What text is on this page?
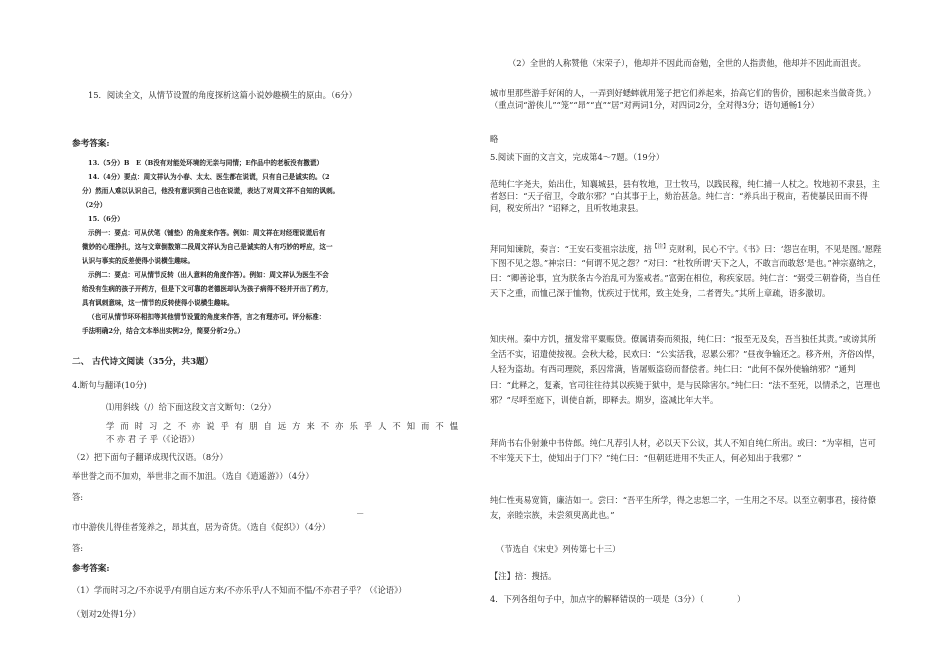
15．阅读全文，从情节设置的角度探析这篇小说妙趣横生的原由。（6分）

参考答案:

13.（5分）B　E（B没有对能处环境的无亲与同情；E作品中的老板没有撒谎）

14.（4分）要点：周文祥认为小春、太太、医生都在说谎，只有自己是诚实的。（2

分）然而人难以认识自己，他没有意识到自己也在说谎，表达了对周文祥不自知的讽刺。

（2分）

15.（6分）

示例一：要点：可从伏笔（铺垫）的角度来作答。例如：周文祥在对经理说谎后有

微妙的心理挣扎，这与文章倒数第二段周文祥认为自己是诚实的人有巧妙的呼应，这一

认识与事实的反差使得小说横生趣味。

示例二：要点：可从情节反转（出人意料的角度作答）。例如：周文祥认为医生不会

给没有生病的孩子开药方，但是下文可靠的老德医却认为孩子病得不轻并开出了药方，

具有讽刺意味，这一情节的反转使得小说横生趣味。

（也可从情节环环相扣等其他情节设置的角度来作答，言之有理亦可。评分标准：

手法明确2分，结合文本举出实例2分，简要分析2分。）

二、 古代诗文阅读（35分，共3题）

4.断句与翻译(10分)

⑴用斜线（/）给下面这段文言文断句：（2分）

学 而 时 习 之 不 亦 说 乎 有 朋 自 远 方 来 不 亦 乐 乎 人 不 知 而 不 愠

不 亦 君 子 乎（《论语》）

（2）把下面句子翻译成现代汉语。（8分）

举世誉之而不加劝，举世非之而不加沮。（选自《逍遥游》）（4分）

答:

－

市中游侠儿得佳者笼养之，昂其直，居为奇货。（选自《促织》）（4分）

答:

参考答案:

（1）学而时习之/不亦说乎/有朋自远方来/不亦乐乎/人不知而不愠/不亦君子乎？（《论语》）

（划对2处得1分）

（2）全世的人称赞他（宋荣子），他却并不因此而奋勉，全世的人指责他，他却并不因此而沮丧。

城市里那些游手好闲的人，一弄到好蟋蟀就用笼子把它们养起来，抬高它们的售价，囤积起来当做奇货。）（重点词“游侠儿”“笼”“昂”“直”“居”对两词1分，对四词2分，全对得3分；语句通畅1分）

略

5.阅读下面的文言文，完成第4～7题。（19分）

范纯仁字尧夫，始出仕，知襄城县，县有牧地，卫士牧马，以践民稼，纯仁捕一人杖之。牧地初不隶县，主者怒曰：“天子宿卫，令敢尔邪？”白其事于上，劾治甚急。纯仁言：“养兵出于税亩，若使暴民田而不得问，税安所出？”诏释之，且听牧地隶县。

拜同知谏院，奏言：“王安石变祖宗法度，掊$^{【注】}$克财利，民心不宁。《书》曰：‘怨岂在明，不见是图。’愿陛下图不见之怨。”神宗曰：“何谓不见之怨？”对曰：“杜牧所谓‘天下之人，不敢言而敢怒’是也。”神宗嘉纳之，曰：“卿善论事，宜为朕条古今治乱可为鉴戒者。”富弼在相位，称疾家居。纯仁言：“弼受三朝眷倚，当自任天下之重，而恤己深于恤物，忧疾过于忧邦，致主处身，二者胥失。”其所上章疏，语多激切。

知庆州。秦中方饥，擅发常平粟赈贷。僚属请奏而须报，纯仁曰：“报至无及矣，吾当独任其责。”或谤其所全活不实，诏遣使按视。会秋大稔，民欢曰：“公实活我，忍累公邪？”昼夜争输还之。移齐州，齐俗凶悍，人轻为盗劫。有西司理院，系囚常满，皆屠贩盗窃而督偿者。纯仁曰：“此何不保外使输纳邪？”通判曰：“此释之，复紊，官司往往待其以疾毙于狱中，是与民除害尔。”纯仁曰：“法不至死，以情杀之，岂理也邪？”尽呼至庭下，训使自新，即释去。期岁，盗减比年大半。

拜尚书右仆射兼中书侍郎。纯仁凡荐引人材，必以天下公议，其人不知自纯仁所出。或曰：“为宰相，岂可不牢笼天下士，使知出于门下？”纯仁曰：“但朝廷进用不失正人，何必知出于我邪？”

纯仁性夷易宽简，廉洁如一。尝曰：“吾平生所学，得之忠恕二字，一生用之不尽。以至立朝事君，接待僚友，亲睦宗族，未尝须臾离此也。”

（节选自《宋史》列传第七十三）

【注】掊：搜括。

4．下列各组句子中，加点字的解释错误的一项是（3分）（　　　　）
